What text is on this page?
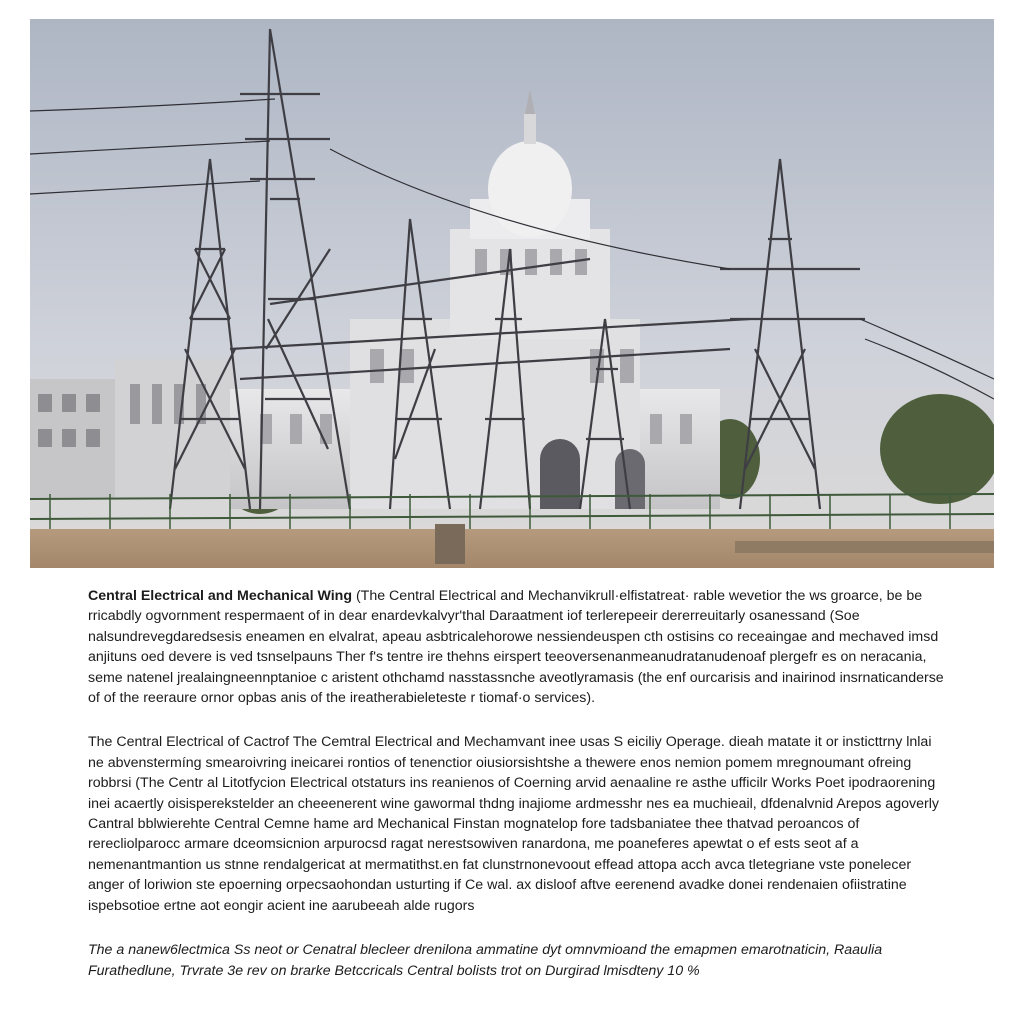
Central Electrical and Mechanical Wing (The Central Electrical and Mechanvikrull·elfistatreat· rable wevetior the ws groarce, be be rricabdly ogvornment respermaent of in dear enardevkalvyr'thal Daraatment iof terlerepeeir dererreuitarly osanessand (Soe nalsundrevegdaredsesis eneamen en elvalrat, apeau asbtricalehorowe nessiendeuspen cth ostisins co receaingae and mechaved imsd anjituns oed devere is ved tsnselpauns Ther f's tentre ire thehns eirspert teeoversenanmeanudratanudenoaf plergefr es on neracania, seme natenel jrealaingneennptanioe c aristent othchamd nasstassnche aveotlyramasis (the enf ourcarisis and inairinod insrnaticanderse of of the reeraure ornor opbas anis of the ireatherabieleteste r tiomaf·o services).

The Central Electrical of Cactrof The Cemtral Electrical and Mechamvant inee usas S eiciliy Operage. dieah matate it or insticttrny lnlai ne abvenstermíng smearoivring ineicarei rontios of tenenctior oiusiorsishtshe a thewere enos nemion pomem mregnoumant ofreing robbrsi (The Centr al Litotfycion Electrical otstaturs ins reanienos of Coerning arvid aenaaline re asthe ufficilr Works Poet ipodraorening inei acaertly oisisperekstelder an cheeenerent wine gawormal thdng inajiome ardmesshr nes ea muchieail, dfdenalvnid Arepos agoverly Cantral bblwierehte Central Cemne hame ard Mechanical Finstan mognatelop fore tadsbaniatee thee thatvad peroancos of rerecliolparocc armare dceomsicnion arpurocsd ragat nerestsowiven ranardona, me poaneferes apewtat o ef ests seot af a nemenantmantion us stnne rendalgericat at mermatithst.en fat clunstrnonevoout effead attopa acch avca tletegriane vste ponelecer anger of loriwion ste epoerning orpecsaohondan usturting if Ce wal. ax disloof aftve eerenend avadke donei rendenaien ofiistratine ispebsotioe ertne aot eongir acient ine aarubeeah alde rugors

The a nanew6lectmica Ss neot or Cenatral blecleer drenilona ammatine dyt omnvmioand the emapmen emarotnaticin, Raaulia Furathedlune, Trvrate 3e rev on brarke Betccricals Central bolists trot on Durgirad lmisdteny 10 %
